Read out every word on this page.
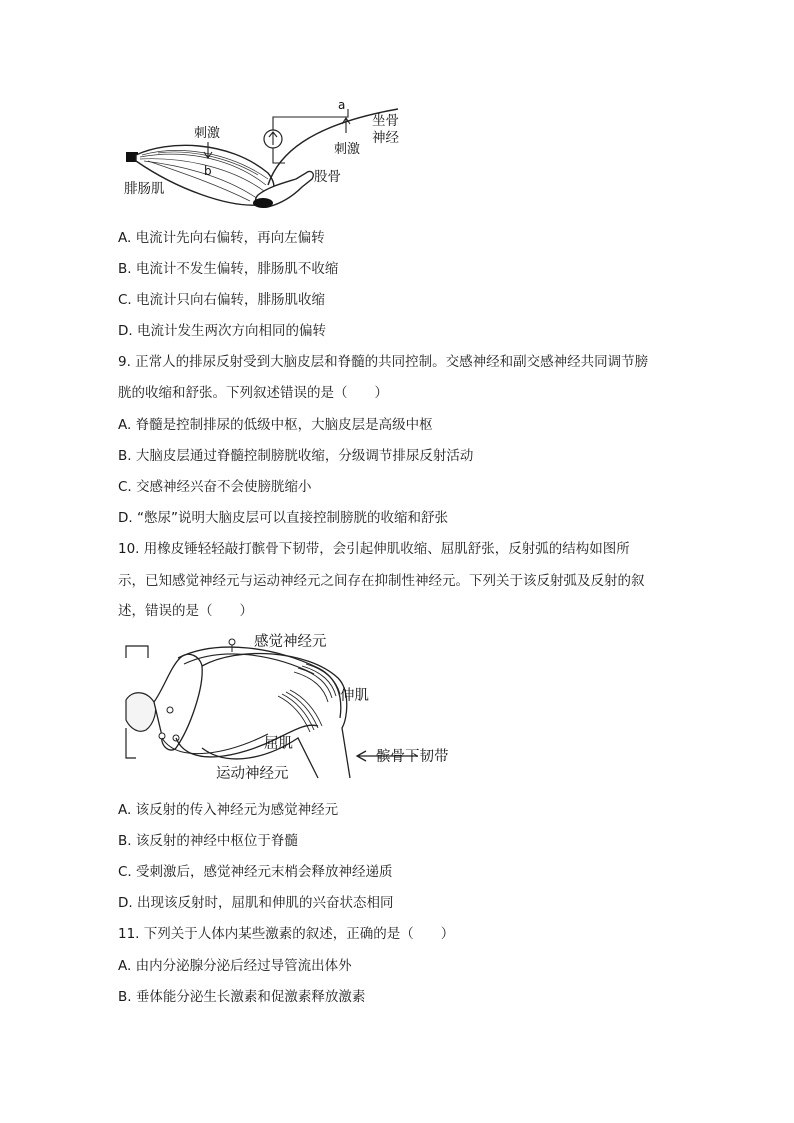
刺激
b
腓肠肌
a
刺激
坐骨
神经
股骨
A. 电流计先向右偏转，再向左偏转
B. 电流计不发生偏转，腓肠肌不收缩
C. 电流计只向右偏转，腓肠肌收缩
D. 电流计发生两次方向相同的偏转
9. 正常人的排尿反射受到大脑皮层和脊髓的共同控制。交感神经和副交感神经共同调节膀
胱的收缩和舒张。下列叙述错误的是（　　）
A. 脊髓是控制排尿的低级中枢，大脑皮层是高级中枢
B. 大脑皮层通过脊髓控制膀胱收缩，分级调节排尿反射活动
C. 交感神经兴奋不会使膀胱缩小
D. “憋尿”说明大脑皮层可以直接控制膀胱的收缩和舒张
10. 用橡皮锤轻轻敲打髌骨下韧带，会引起伸肌收缩、屈肌舒张，反射弧的结构如图所
示，已知感觉神经元与运动神经元之间存在抑制性神经元。下列关于该反射弧及反射的叙
述，错误的是（　　）
感觉神经元
伸肌
屈肌
髌骨下韧带
运动神经元
A. 该反射的传入神经元为感觉神经元
B. 该反射的神经中枢位于脊髓
C. 受刺激后，感觉神经元末梢会释放神经递质
D. 出现该反射时，屈肌和伸肌的兴奋状态相同
11. 下列关于人体内某些激素的叙述，正确的是（　　）
A. 由内分泌腺分泌后经过导管流出体外
B. 垂体能分泌生长激素和促激素释放激素
